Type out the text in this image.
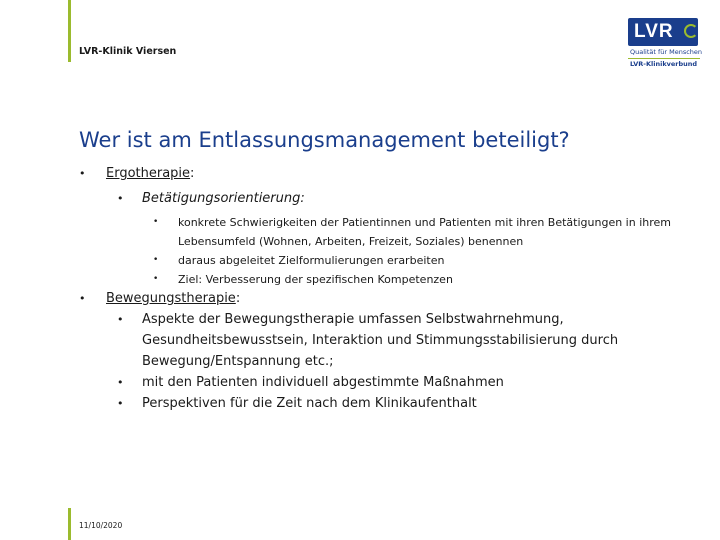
LVR-Klinik Viersen
LVR
Qualität für Menschen
LVR-Klinikverbund
Wer ist am Entlassungsmanagement beteiligt?
• Ergotherapie:
• Betätigungsorientierung:
• konkrete Schwierigkeiten der Patientinnen und Patienten mit ihren Betätigungen in ihrem Lebensumfeld (Wohnen, Arbeiten, Freizeit, Soziales) benennen
• daraus abgeleitet Zielformulierungen erarbeiten
• Ziel: Verbesserung der spezifischen Kompetenzen
• Bewegungstherapie:
• Aspekte der Bewegungstherapie umfassen Selbstwahrnehmung, Gesundheitsbewusstsein, Interaktion und Stimmungsstabilisierung durch Bewegung/Entspannung etc.;
• mit den Patienten individuell abgestimmte Maßnahmen
• Perspektiven für die Zeit nach dem Klinikaufenthalt
11/10/2020
